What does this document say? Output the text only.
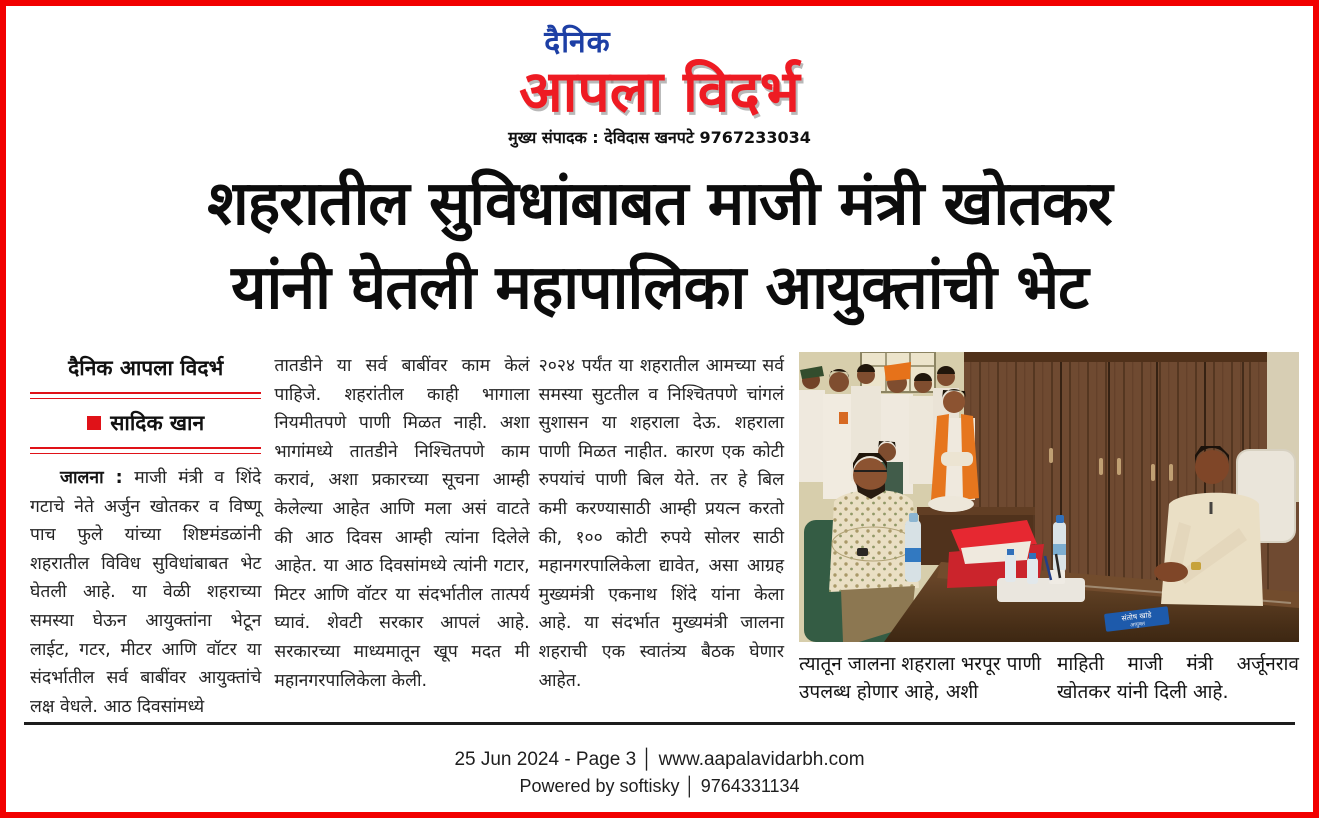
दैनिक
आपला विदर्भ
मुख्य संपादक : देविदास खनपटे 9767233034
शहरातील सुविधांबाबत माजी मंत्री खोतकर
यांनी घेतली महापालिका आयुक्तांची भेट
दैनिक आपला विदर्भ
सादिक खान

जालना : माजी मंत्री व शिंदे गटाचे नेते अर्जुन खोतकर व विष्णू पाच फुले यांच्या शिष्टमंडळांनी शहरातील विविध सुविधांबाबत भेट घेतली आहे. या वेळी शहराच्या समस्या घेऊन आयुक्तांना भेटून लाईट, गटर, मीटर आणि वॉटर या संदर्भातील सर्व बाबींवर आयुक्तांचे लक्ष वेधले. आठ दिवसांमध्ये

तातडीने या सर्व बाबींवर काम केलं पाहिजे. शहरांतील काही भागाला नियमीतपणे पाणी मिळत नाही. अशा भागांमध्ये तातडीने निश्चितपणे काम करावं, अशा प्रकारच्या सूचना आम्ही केलेल्या आहेत आणि मला असं वाटते की आठ दिवस आम्ही त्यांना दिलेले आहेत. या आठ दिवसांमध्ये त्यांनी गटार, मिटर आणि वॉटर या संदर्भातील तात्पर्य घ्यावं. शेवटी सरकार आपलं आहे. सरकारच्या माध्यमातून खूप मदत मी महानगरपालिकेला केली.

२०२४ पर्यंत या शहरातील आमच्या सर्व समस्या सुटतील व निश्चितपणे चांगलं सुशासन या शहराला देऊ. शहराला पाणी मिळत नाहीत. कारण एक कोटी रुपयांचं पाणी बिल येते. तर हे बिल कमी करण्यासाठी आम्ही प्रयत्न करतो की, १०० कोटी रुपये सोलर साठी महानगरपालिकेला द्यावेत, असा आग्रह मुख्यमंत्री एकनाथ शिंदे यांना केला आहे. या संदर्भात मुख्यमंत्री जालना शहराची एक स्वातंत्र्य बैठक घेणार आहेत.

संतोष खांडे
आयुक्त
त्यातून जालना शहराला भरपूर पाणी उपलब्ध होणार आहे, अशी
माहिती माजी मंत्री अर्जूनराव खोतकर यांनी दिली आहे.
25 Jun 2024 - Page 3 │ www.aapalavidarbh.com
Powered by softisky │ 9764331134
